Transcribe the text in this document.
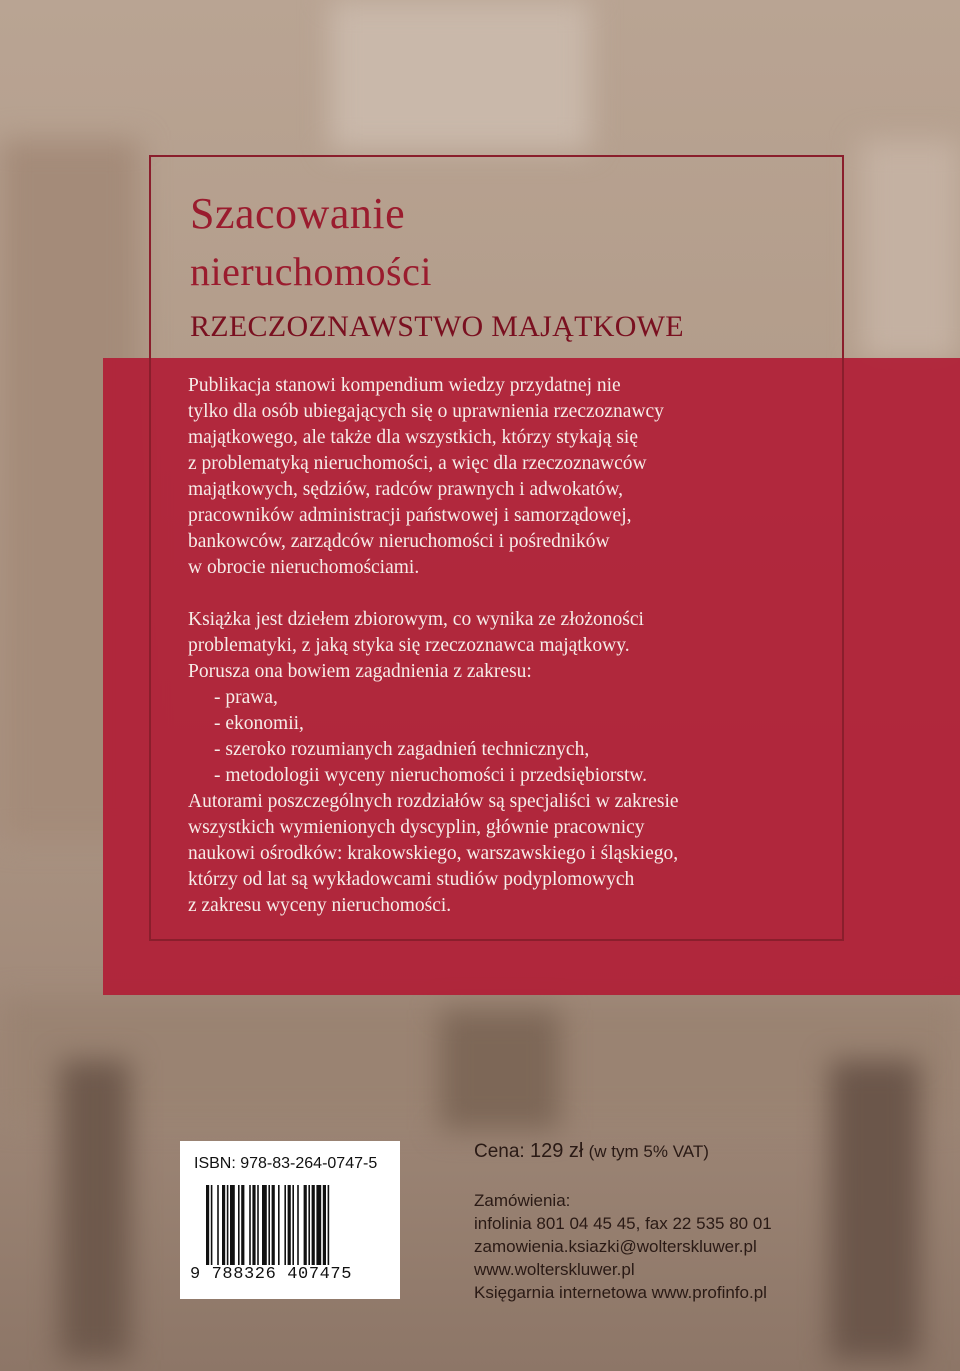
Szacowanie
nieruchomości
RZECZOZNAWSTWO MAJĄTKOWE

Publikacja stanowi kompendium wiedzy przydatnej nie
tylko dla osób ubiegających się o uprawnienia rzeczoznawcy
majątkowego, ale także dla wszystkich, którzy stykają się
z problematyką nieruchomości, a więc dla rzeczoznawców
majątkowych, sędziów, radców prawnych i adwokatów,
pracowników administracji państwowej i samorządowej,
bankowców, zarządców nieruchomości i pośredników
w obrocie nieruchomościami.

Książka jest dziełem zbiorowym, co wynika ze złożoności
problematyki, z jaką styka się rzeczoznawca majątkowy.
Porusza ona bowiem zagadnienia z zakresu:

- prawa,
- ekonomii,
- szeroko rozumianych zagadnień technicznych,
- metodologii wyceny nieruchomości i przedsiębiorstw.

Autorami poszczególnych rozdziałów są specjaliści w zakresie
wszystkich wymienionych dyscyplin, głównie pracownicy
naukowi ośrodków: krakowskiego, warszawskiego i śląskiego,
którzy od lat są wykładowcami studiów podyplomowych
z zakresu wyceny nieruchomości.

ISBN: 978-83-264-0747-5
9 788326 407475
Cena: 129 zł (w tym 5% VAT)
Zamówienia:
infolinia 801 04 45 45, fax 22 535 80 01
zamowienia.ksiazki@wolterskluwer.pl
www.wolterskluwer.pl
Księgarnia internetowa www.profinfo.pl
